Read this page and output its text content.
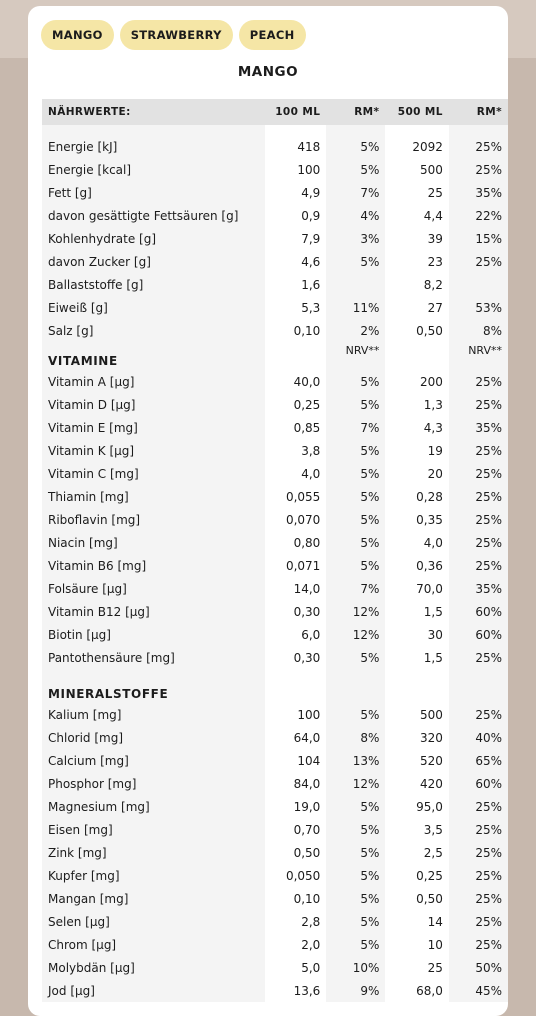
MANGO	STRAWBERRY	PEACH
MANGO
NÄHRWERTE:	100 ML	RM*	500 ML	RM*

Energie [kJ]	418	5%	2092	25%
Energie [kcal]	100	5%	500	25%
Fett [g]	4,9	7%	25	35%
davon gesättigte Fettsäuren [g]	0,9	4%	4,4	22%
Kohlenhydrate [g]	7,9	3%	39	15%
davon Zucker [g]	4,6	5%	23	25%
Ballaststoffe [g]	1,6		8,2	
Eiweiß [g]	5,3	11%	27	53%
Salz [g]	0,10	2%	0,50	8%
VITAMINE		NRV**		NRV**
Vitamin A [µg]	40,0	5%	200	25%
Vitamin D [µg]	0,25	5%	1,3	25%
Vitamin E [mg]	0,85	7%	4,3	35%
Vitamin K [µg]	3,8	5%	19	25%
Vitamin C [mg]	4,0	5%	20	25%
Thiamin [mg]	0,055	5%	0,28	25%
Riboflavin [mg]	0,070	5%	0,35	25%
Niacin [mg]	0,80	5%	4,0	25%
Vitamin B6 [mg]	0,071	5%	0,36	25%
Folsäure [µg]	14,0	7%	70,0	35%
Vitamin B12 [µg]	0,30	12%	1,5	60%
Biotin [µg]	6,0	12%	30	60%
Pantothensäure [mg]	0,30	5%	1,5	25%

MINERALSTOFFE				
Kalium [mg]	100	5%	500	25%
Chlorid [mg]	64,0	8%	320	40%
Calcium [mg]	104	13%	520	65%
Phosphor [mg]	84,0	12%	420	60%
Magnesium [mg]	19,0	5%	95,0	25%
Eisen [mg]	0,70	5%	3,5	25%
Zink [mg]	0,50	5%	2,5	25%
Kupfer [mg]	0,050	5%	0,25	25%
Mangan [mg]	0,10	5%	0,50	25%
Selen [µg]	2,8	5%	14	25%
Chrom [µg]	2,0	5%	10	25%
Molybdän [µg]	5,0	10%	25	50%
Jod [µg]	13,6	9%	68,0	45%
